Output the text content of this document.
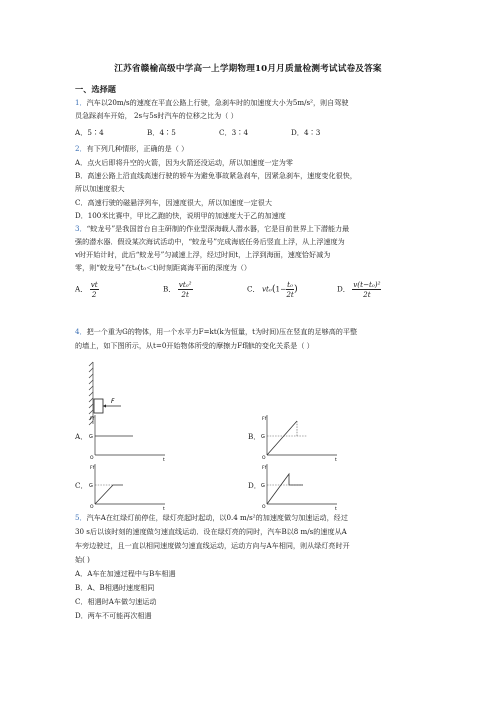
江苏省赣榆高级中学高一上学期物理10月月质量检测考试试卷及答案
一、选择题
1．汽车以20m/s的速度在平直公路上行驶，急刹车时的加速度大小为5m/s²，则自驾驶
员急踩刹车开始， 2s与5s时汽车的位移之比为（ ）
A．5∶4	B．4∶5	C．3∶4	D．4∶3
2．有下列几种情形，正确的是（ ）
A．点火后即将升空的火箭，因为火箭还没运动，所以加速度一定为零
B．高速公路上沿直线高速行驶的轿车为避免事故紧急刹车，因紧急刹车，速度变化很快，
所以加速度很大
C．高速行驶的磁悬浮列车，因速度很大，所以加速度一定很大
D．100米比赛中，甲比乙跑的快，说明甲的加速度大于乙的加速度
3．“蛟龙号”是我国首台自主研制的作业型深海载人潜水器，它是目前世界上下潜能力最
强的潜水器．假设某次海试活动中，“蛟龙号”完成海底任务后竖直上浮，从上浮速度为
v时开始计时，此后“蛟龙号”匀减速上浮，经过时间t，上浮到海面，速度恰好减为
零，则“蛟龙号”在t₀(t₀＜t)时刻距离海平面的深度为（）
A． $\frac{vt}{2}$	B． $\frac{\text{vt₀²}}{2t}$	C． $vt_0(1- \frac{\text{t₀}}{2t}$ )	D． $\frac{\text{v(t−t₀)²}}{2t}$
4．把一个重为G的物体，用一个水平力F=kt(k为恒量，t为时间)压在竖直的足够高的平整
的墙上，如下图所示，从t=0开始物体所受的摩擦力Ff随t的变化关系是（ ）
F
A．
Ff
t
O
G	B．
Ff
t
O
G
C．
Ff
t
O
G	D．
Ff
t
O
G
5．汽车A在红绿灯前停住，绿灯亮起时起动，以0.4 m/s²的加速度做匀加速运动，经过
30 s后以该时刻的速度做匀速直线运动．设在绿灯亮的同时，汽车B以8 m/s的速度从A
车旁边驶过，且一直以相同速度做匀速直线运动，运动方向与A车相同，则从绿灯亮时开
始( )
A．A车在加速过程中与B车相遇
B．A、B相遇时速度相同
C．相遇时A车做匀速运动
D．两车不可能再次相遇
